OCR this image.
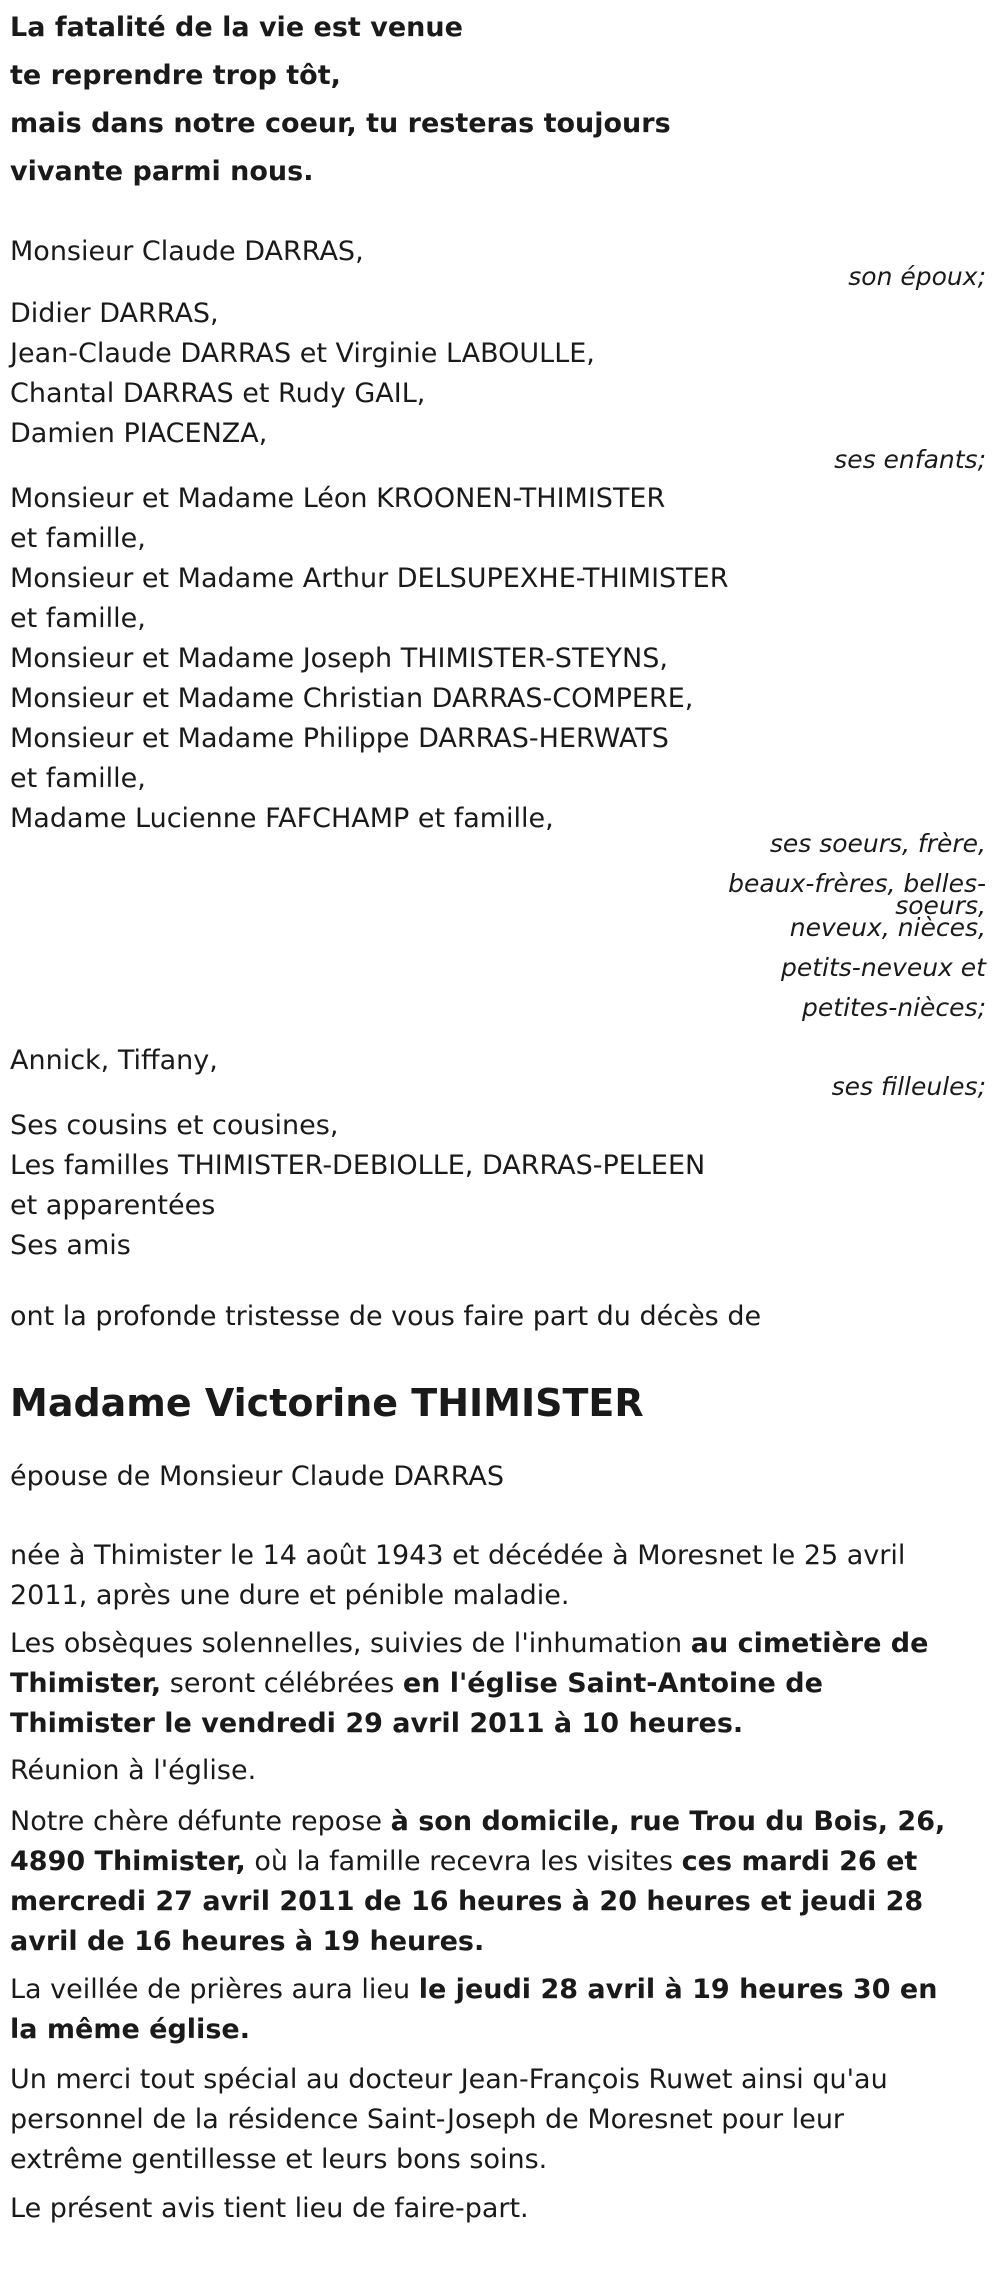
La fatalité de la vie est venue
te reprendre trop tôt,
mais dans notre coeur, tu resteras toujours
vivante parmi nous.
Monsieur Claude DARRAS,
son époux;
Didier DARRAS,
Jean-Claude DARRAS et Virginie LABOULLE,
Chantal DARRAS et Rudy GAIL,
Damien PIACENZA,
ses enfants;
Monsieur et Madame Léon KROONEN-THIMISTER
et famille,
Monsieur et Madame Arthur DELSUPEXHE-THIMISTER
et famille,
Monsieur et Madame Joseph THIMISTER-STEYNS,
Monsieur et Madame Christian DARRAS-COMPERE,
Monsieur et Madame Philippe DARRAS-HERWATS
et famille,
Madame Lucienne FAFCHAMP et famille,
ses soeurs, frère,
beaux-frères, belles-
soeurs,
neveux, nièces,
petits-neveux et
petites-nièces;
Annick, Tiffany,
ses filleules;
Ses cousins et cousines,
Les familles THIMISTER-DEBIOLLE, DARRAS-PELEEN
et apparentées
Ses amis
ont la profonde tristesse de vous faire part du décès de
Madame Victorine THIMISTER
épouse de Monsieur Claude DARRAS
née à Thimister le 14 août 1943 et décédée à Moresnet le 25 avril 2011, après une dure et pénible maladie.
Les obsèques solennelles, suivies de l'inhumation au cimetière de Thimister, seront célébrées en l'église Saint-Antoine de Thimister le vendredi 29 avril 2011 à 10 heures.
Réunion à l'église.
Notre chère défunte repose à son domicile, rue Trou du Bois, 26, 4890 Thimister, où la famille recevra les visites ces mardi 26 et mercredi 27 avril 2011 de 16 heures à 20 heures et jeudi 28 avril de 16 heures à 19 heures.
La veillée de prières aura lieu le jeudi 28 avril à 19 heures 30 en la même église.
Un merci tout spécial au docteur Jean-François Ruwet ainsi qu'au personnel de la résidence Saint-Joseph de Moresnet pour leur extrême gentillesse et leurs bons soins.
Le présent avis tient lieu de faire-part.
